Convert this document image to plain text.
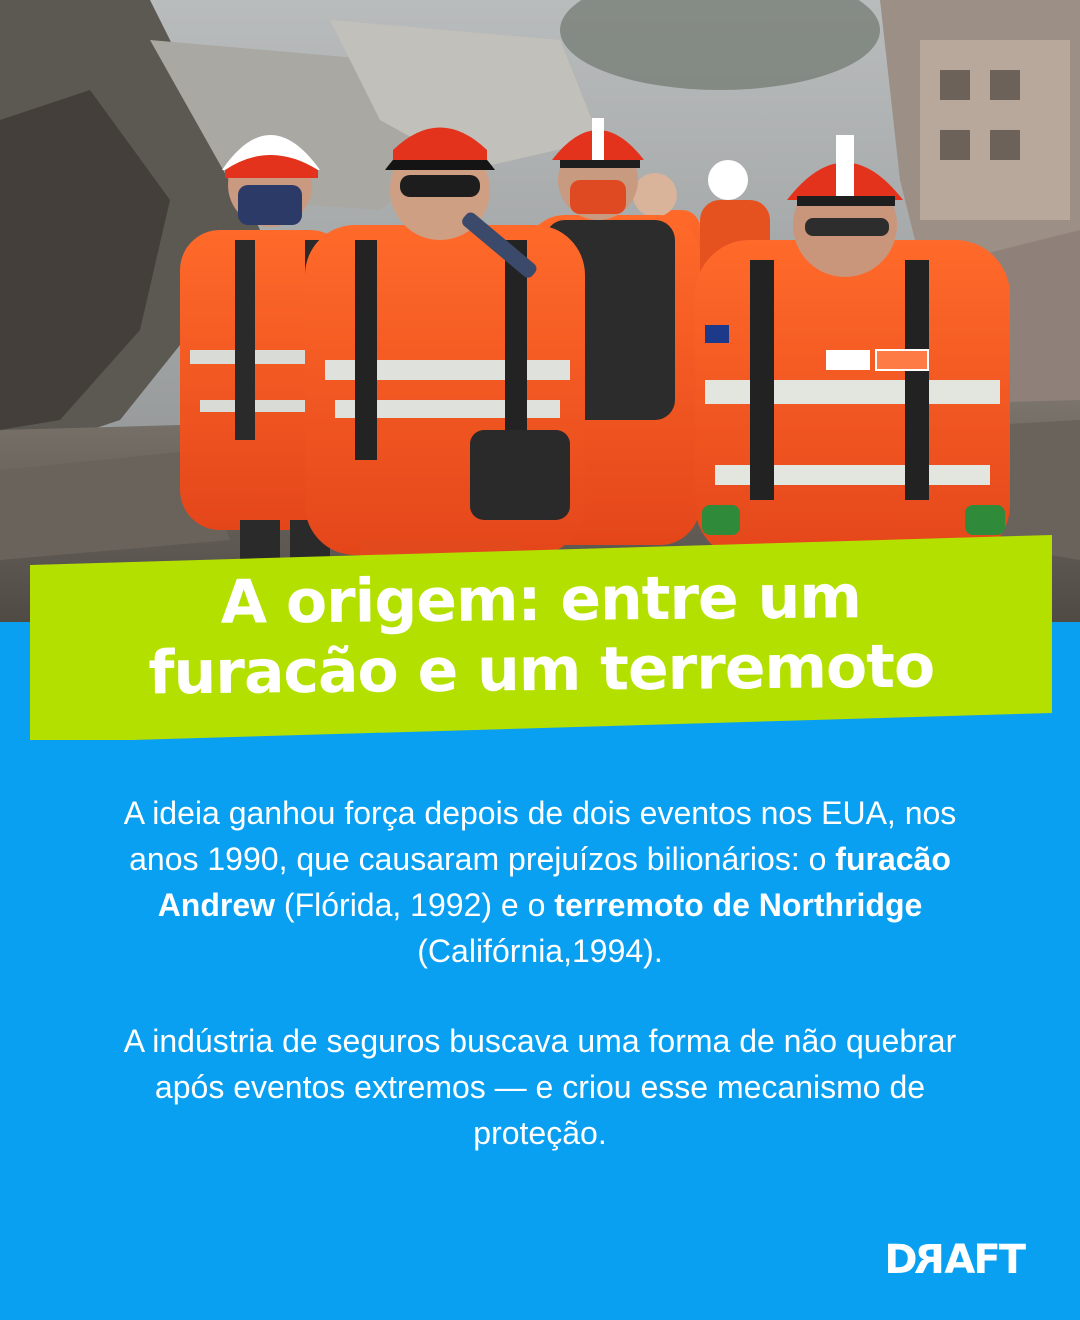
A origem: entre um
furacão e um terremoto

A ideia ganhou força depois de dois eventos nos EUA, nos anos 1990, que causaram prejuízos bilionários: o furacão Andrew (Flórida, 1992) e o terremoto de Northridge (Califórnia,1994).

A indústria de seguros buscava uma forma de não quebrar após eventos extremos — e criou esse mecanismo de proteção.

DRAFT
